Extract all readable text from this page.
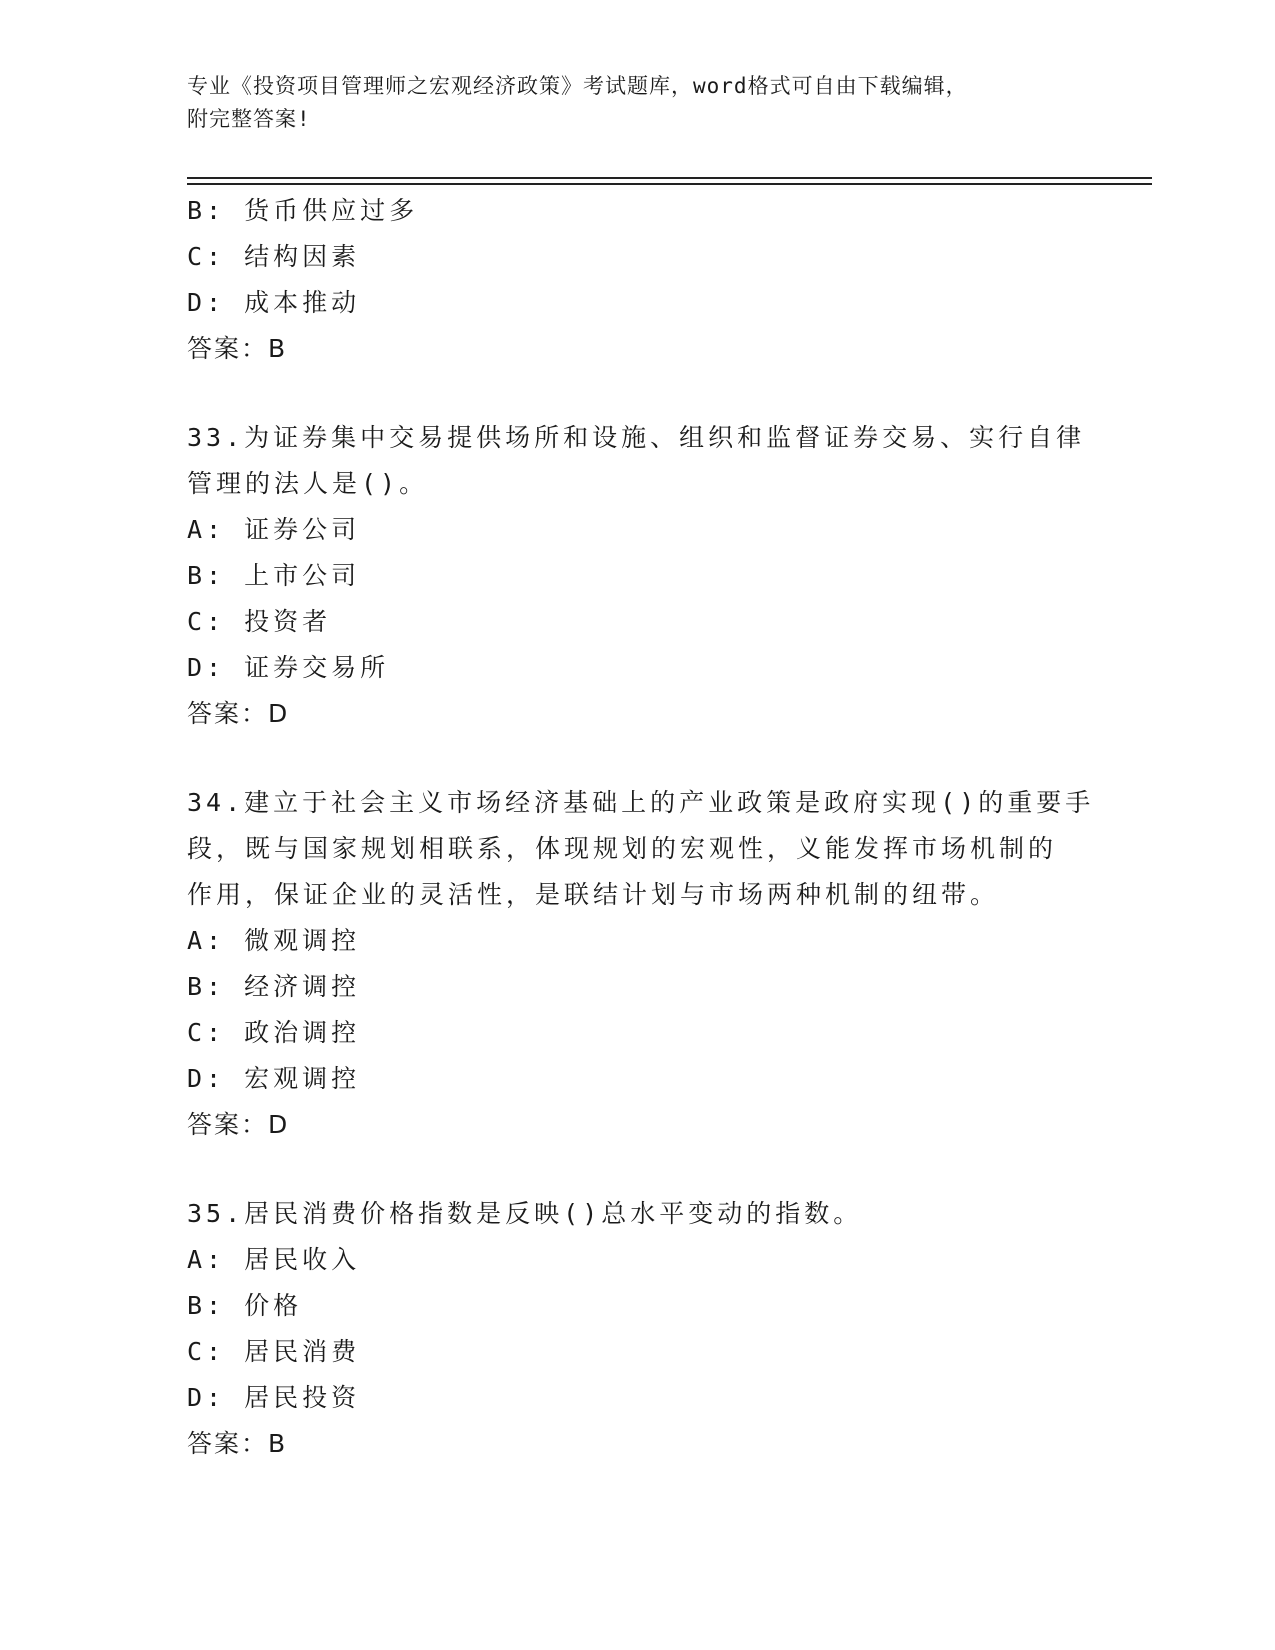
专业《投资项目管理师之宏观经济政策》考试题库，word格式可自由下载编辑，
附完整答案!
B: 货币供应过多
C: 结构因素
D: 成本推动
答案：B
33.为证券集中交易提供场所和设施、组织和监督证券交易、实行自律
管理的法人是()。
A: 证券公司
B: 上市公司
C: 投资者
D: 证券交易所
答案：D
34.建立于社会主义市场经济基础上的产业政策是政府实现()的重要手
段，既与国家规划相联系，体现规划的宏观性，义能发挥市场机制的
作用，保证企业的灵活性，是联结计划与市场两种机制的纽带。
A: 微观调控
B: 经济调控
C: 政治调控
D: 宏观调控
答案：D
35.居民消费价格指数是反映()总水平变动的指数。
A: 居民收入
B: 价格
C: 居民消费
D: 居民投资
答案：B
